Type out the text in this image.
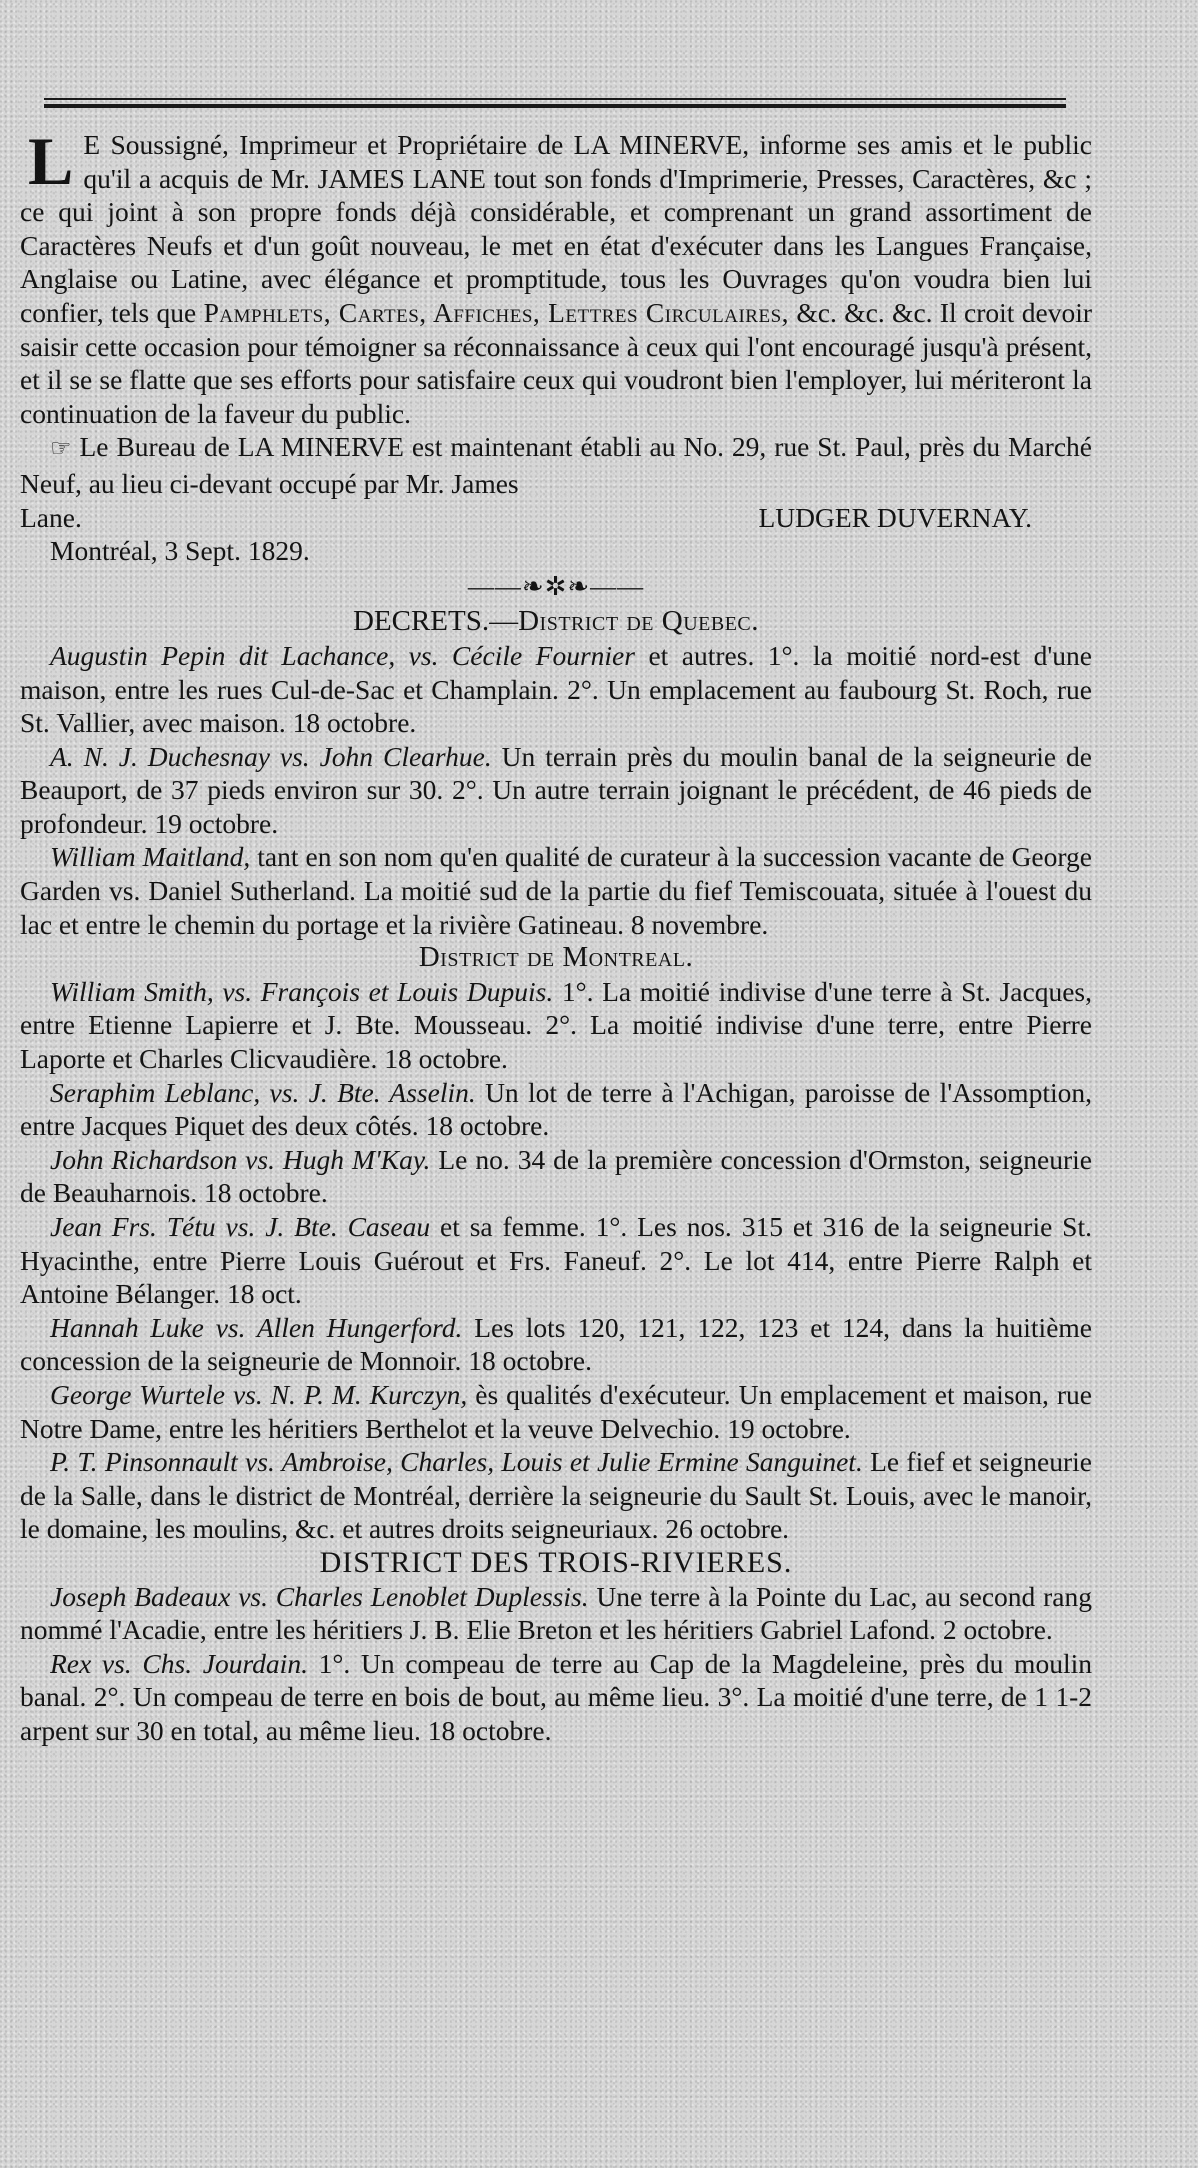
L E Soussigné, Imprimeur et Propriétaire de LA MINERVE, informe ses amis et le public qu'il a acquis de Mr. JAMES LANE tout son fonds d'Imprimerie, Presses, Caractères, &c ; ce qui joint à son propre fonds déjà considérable, et comprenant un grand assortiment de Caractères Neufs et d'un goût nouveau, le met en état d'exécuter dans les Langues Française, Anglaise ou Latine, avec élégance et promptitude, tous les Ouvrages qu'on voudra bien lui confier, tels que Pamphlets, Cartes, Affiches, Lettres Circulaires, &c. &c. &c. Il croit devoir saisir cette occasion pour témoigner sa réconnaissance à ceux qui l'ont encouragé jusqu'à présent, et il se se flatte que ses efforts pour satisfaire ceux qui voudront bien l'employer, lui mériteront la continuation de la faveur du public.

☞ Le Bureau de LA MINERVE est maintenant établi au No. 29, rue St. Paul, près du Marché Neuf, au lieu ci-devant occupé par Mr. James

Lane.	LUDGER DUVERNAY.

Montréal, 3 Sept. 1829.

——❧✲❧——
DECRETS.—District de Quebec.

Augustin Pepin dit Lachance, vs. Cécile Fournier et autres. 1°. la moitié nord-est d'une maison, entre les rues Cul-de-Sac et Champlain. 2°. Un emplacement au faubourg St. Roch, rue St. Vallier, avec maison. 18 octobre.

A. N. J. Duchesnay vs. John Clearhue. Un terrain près du moulin banal de la seigneurie de Beauport, de 37 pieds environ sur 30. 2°. Un autre terrain joignant le précédent, de 46 pieds de profondeur. 19 octobre.

William Maitland, tant en son nom qu'en qualité de curateur à la succession vacante de George Garden vs. Daniel Sutherland. La moitié sud de la partie du fief Temiscouata, située à l'ouest du lac et entre le chemin du portage et la rivière Gatineau. 8 novembre.

District de Montreal.

William Smith, vs. François et Louis Dupuis. 1°. La moitié indivise d'une terre à St. Jacques, entre Etienne Lapierre et J. Bte. Mousseau. 2°. La moitié indivise d'une terre, entre Pierre Laporte et Charles Clicvaudière. 18 octobre.

Seraphim Leblanc, vs. J. Bte. Asselin. Un lot de terre à l'Achigan, paroisse de l'Assomption, entre Jacques Piquet des deux côtés. 18 octobre.

John Richardson vs. Hugh M'Kay. Le no. 34 de la première concession d'Ormston, seigneurie de Beauharnois. 18 octobre.

Jean Frs. Tétu vs. J. Bte. Caseau et sa femme. 1°. Les nos. 315 et 316 de la seigneurie St. Hyacinthe, entre Pierre Louis Guérout et Frs. Faneuf. 2°. Le lot 414, entre Pierre Ralph et Antoine Bélanger. 18 oct.

Hannah Luke vs. Allen Hungerford. Les lots 120, 121, 122, 123 et 124, dans la huitième concession de la seigneurie de Monnoir. 18 octobre.

George Wurtele vs. N. P. M. Kurczyn, ès qualités d'exécuteur. Un emplacement et maison, rue Notre Dame, entre les héritiers Berthelot et la veuve Delvechio. 19 octobre.

P. T. Pinsonnault vs. Ambroise, Charles, Louis et Julie Ermine Sanguinet. Le fief et seigneurie de la Salle, dans le district de Montréal, derrière la seigneurie du Sault St. Louis, avec le manoir, le domaine, les moulins, &c. et autres droits seigneuriaux. 26 octobre.

DISTRICT DES TROIS-RIVIERES.

Joseph Badeaux vs. Charles Lenoblet Duplessis. Une terre à la Pointe du Lac, au second rang nommé l'Acadie, entre les héritiers J. B. Elie Breton et les héritiers Gabriel Lafond. 2 octobre.

Rex vs. Chs. Jourdain. 1°. Un compeau de terre au Cap de la Magdeleine, près du moulin banal. 2°. Un compeau de terre en bois de bout, au même lieu. 3°. La moitié d'une terre, de 1 1-2 arpent sur 30 en total, au même lieu. 18 octobre.
